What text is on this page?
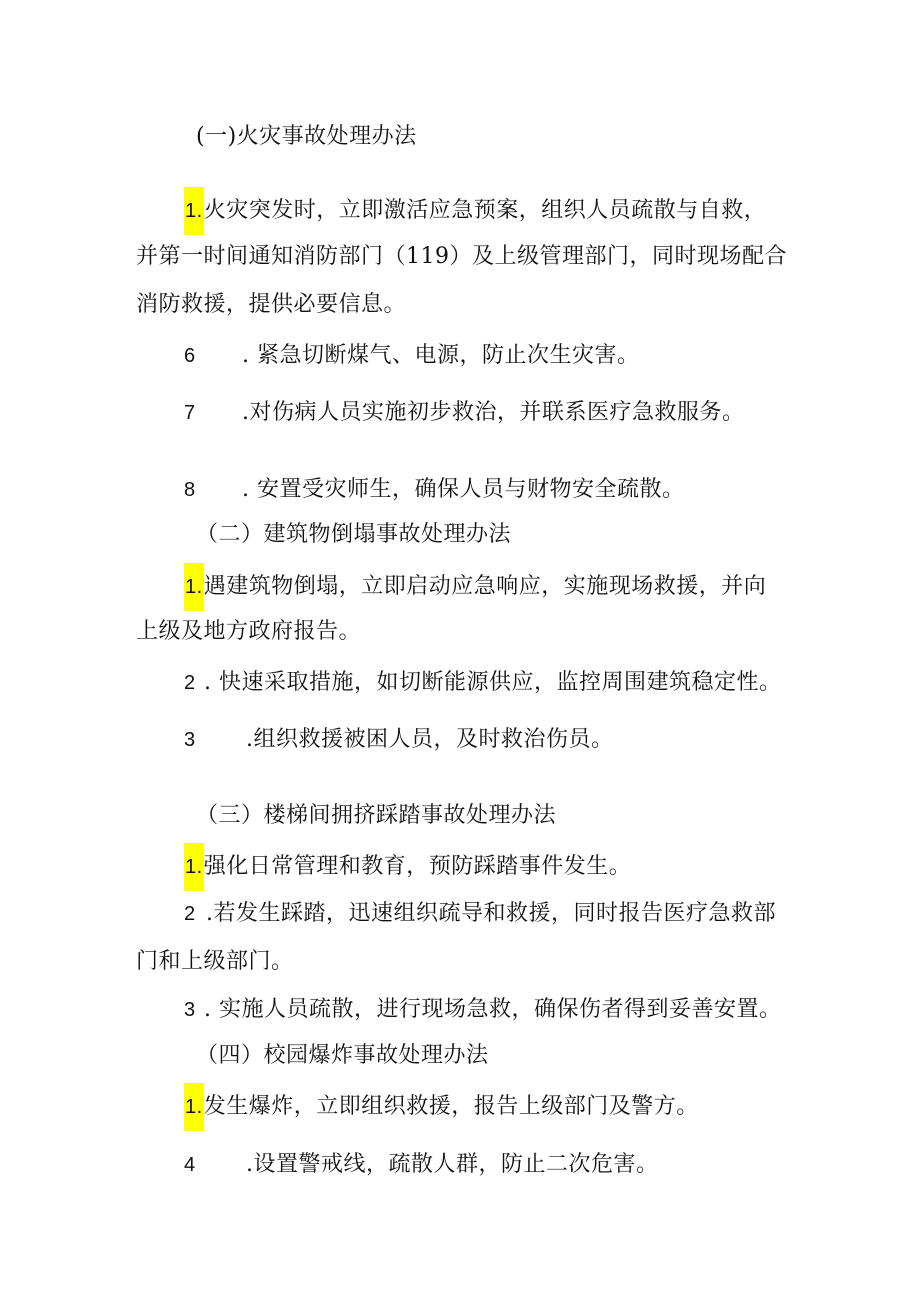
(一)火灾事故处理办法
1.火灾突发时，立即激活应急预案，组织人员疏散与自救，
并第一时间通知消防部门（119）及上级管理部门，同时现场配合
消防救援，提供必要信息。
6 . 紧急切断煤气、电源，防止次生灾害。
7 .对伤病人员实施初步救治，并联系医疗急救服务。
8 . 安置受灾师生，确保人员与财物安全疏散。
（二）建筑物倒塌事故处理办法
1.遇建筑物倒塌，立即启动应急响应，实施现场救援，并向
上级及地方政府报告。
2 . 快速采取措施，如切断能源供应，监控周围建筑稳定性。
3 .组织救援被困人员，及时救治伤员。
（三）楼梯间拥挤踩踏事故处理办法
1.强化日常管理和教育，预防踩踏事件发生。
2 .若发生踩踏，迅速组织疏导和救援，同时报告医疗急救部
门和上级部门。
3 . 实施人员疏散，进行现场急救，确保伤者得到妥善安置。
（四）校园爆炸事故处理办法
1.发生爆炸，立即组织救援，报告上级部门及警方。
4 .设置警戒线，疏散人群，防止二次危害。
